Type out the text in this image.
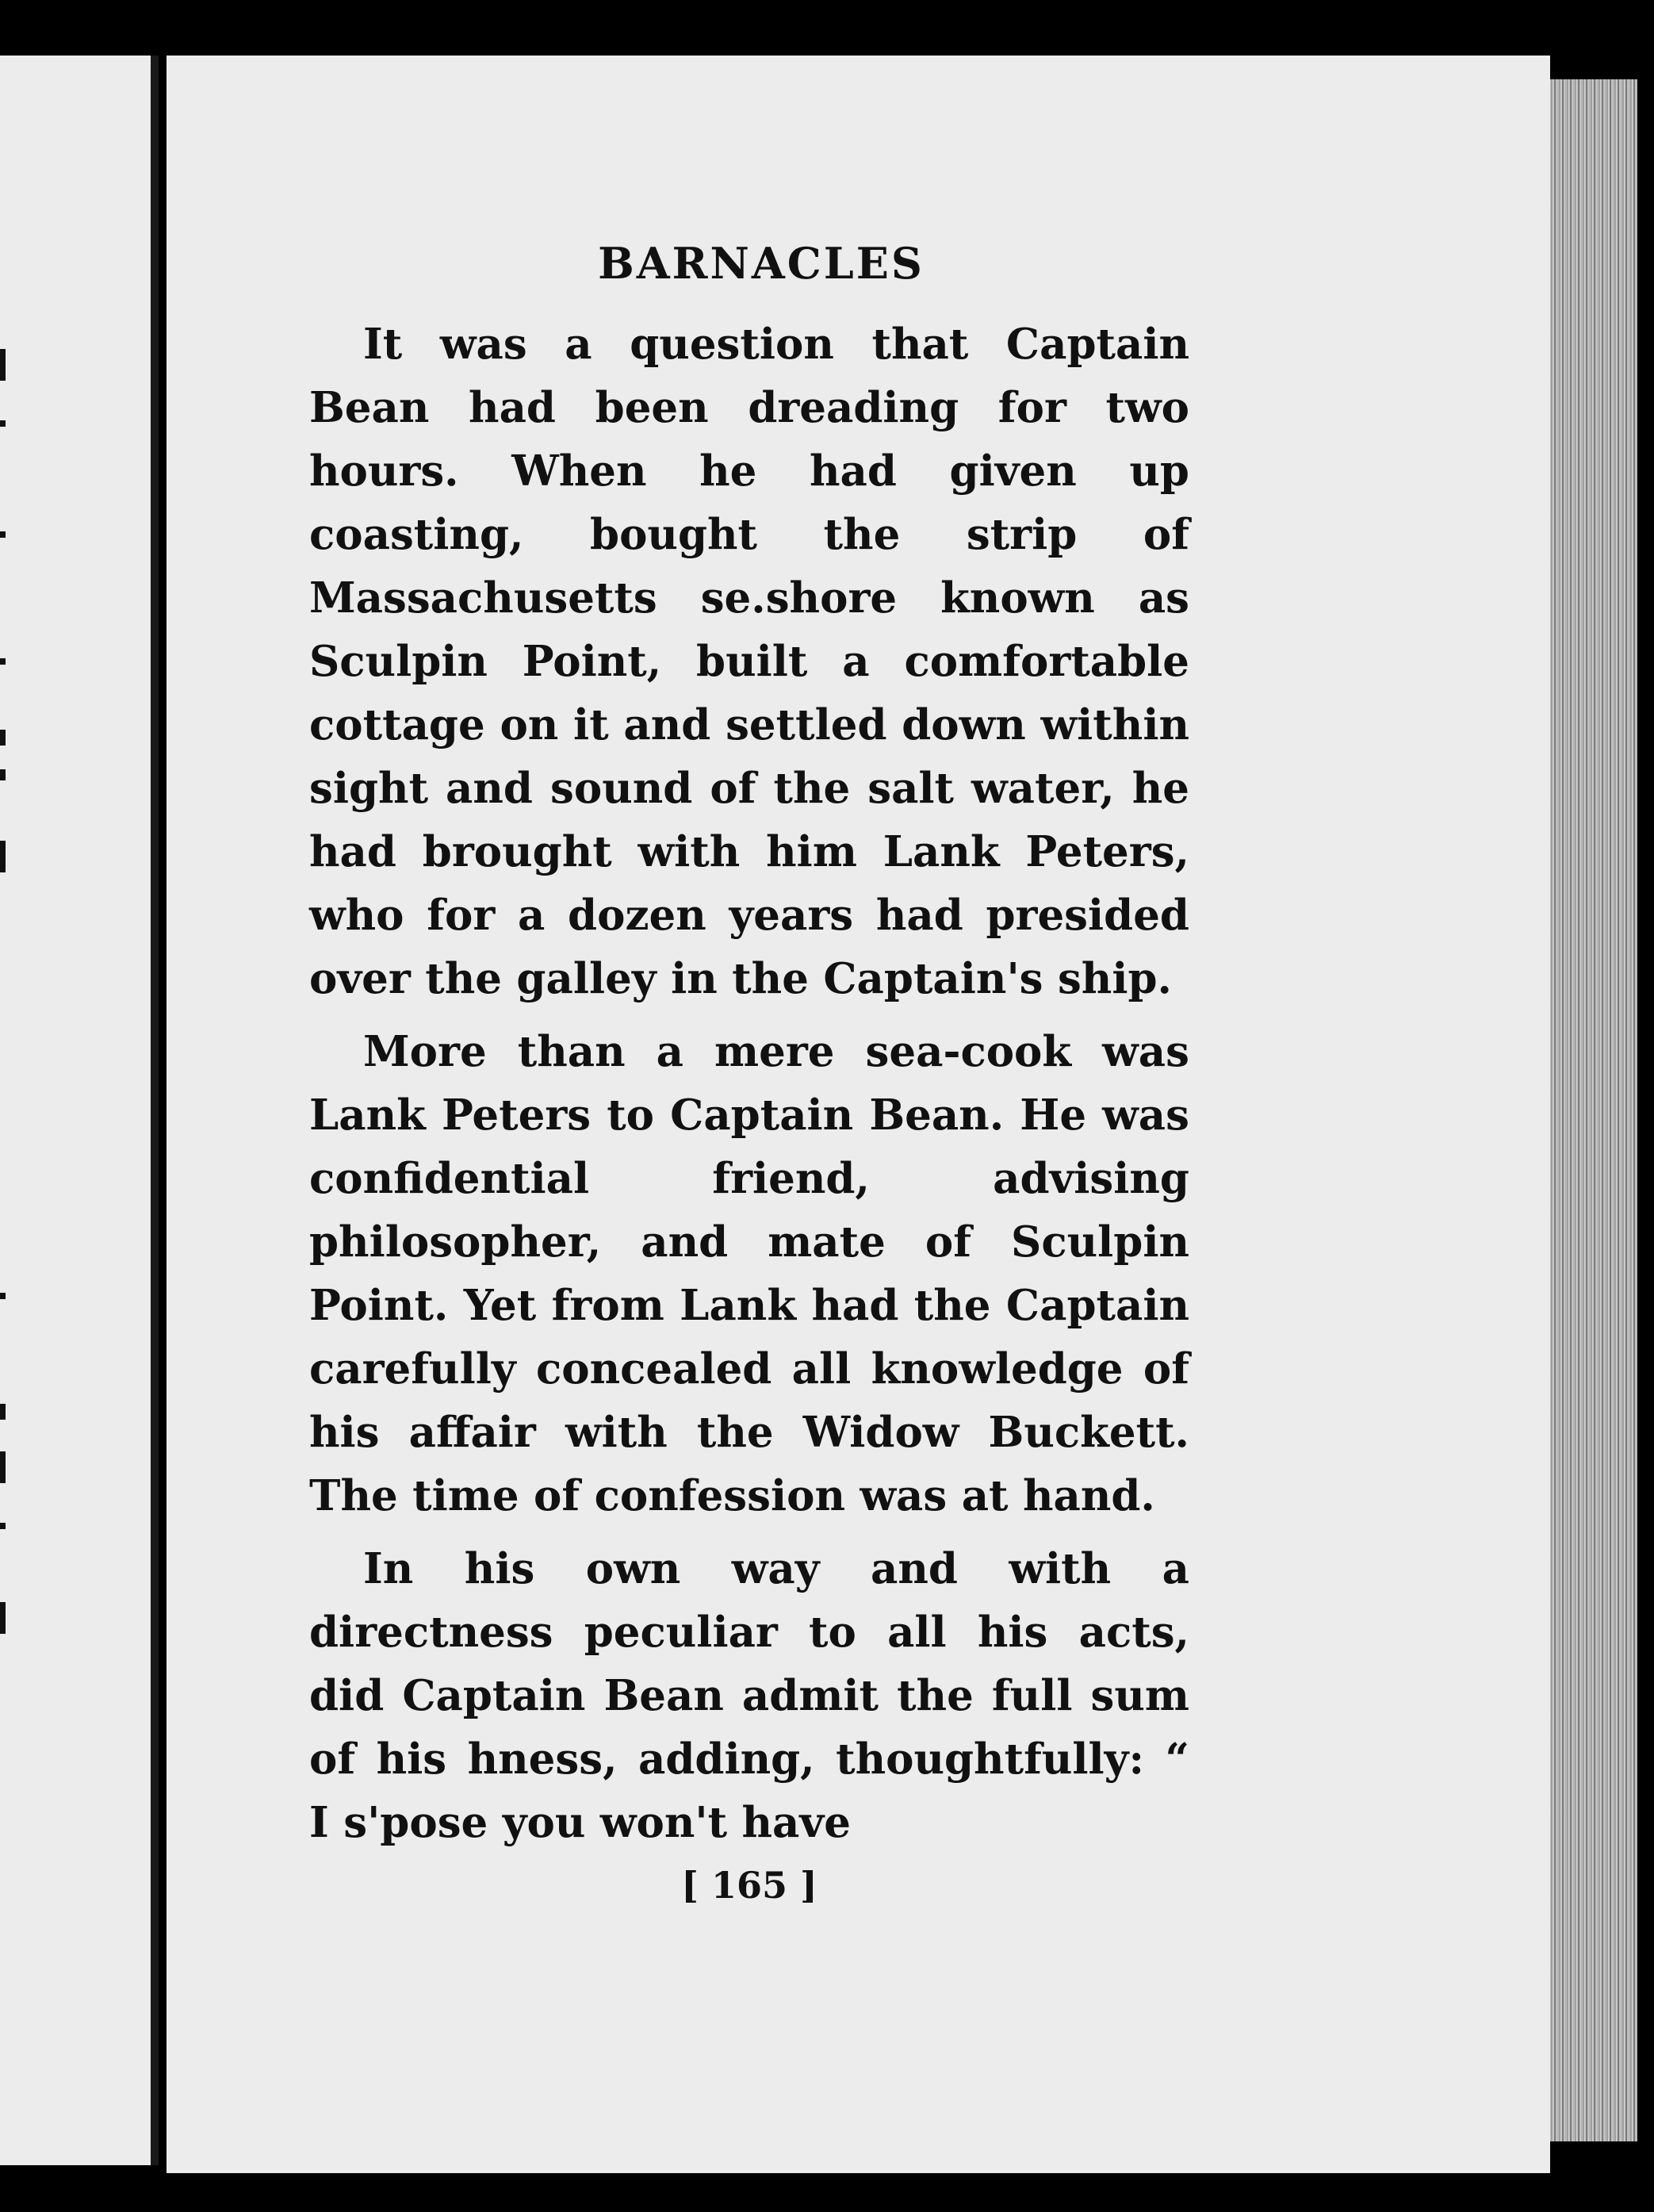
BARNACLES

It was a question that Captain Bean had been dreading for two hours. When he had given up coasting, bought the strip of Massachusetts se.shore known as Sculpin Point, built a comfortable cottage on it and settled down within sight and sound of the salt water, he had brought with him Lank Peters, who for a dozen years had presided over the galley in the Captain's ship.

More than a mere sea-cook was Lank Peters to Captain Bean. He was confidential friend, advising philosopher, and mate of Sculpin Point. Yet from Lank had the Captain carefully concealed all knowledge of his affair with the Widow Buckett. The time of confession was at hand.

In his own way and with a directness peculiar to all his acts, did Captain Bean admit the full sum of his hness, adding, thoughtfully: “ I s'pose you won't have

[ 165 ]
